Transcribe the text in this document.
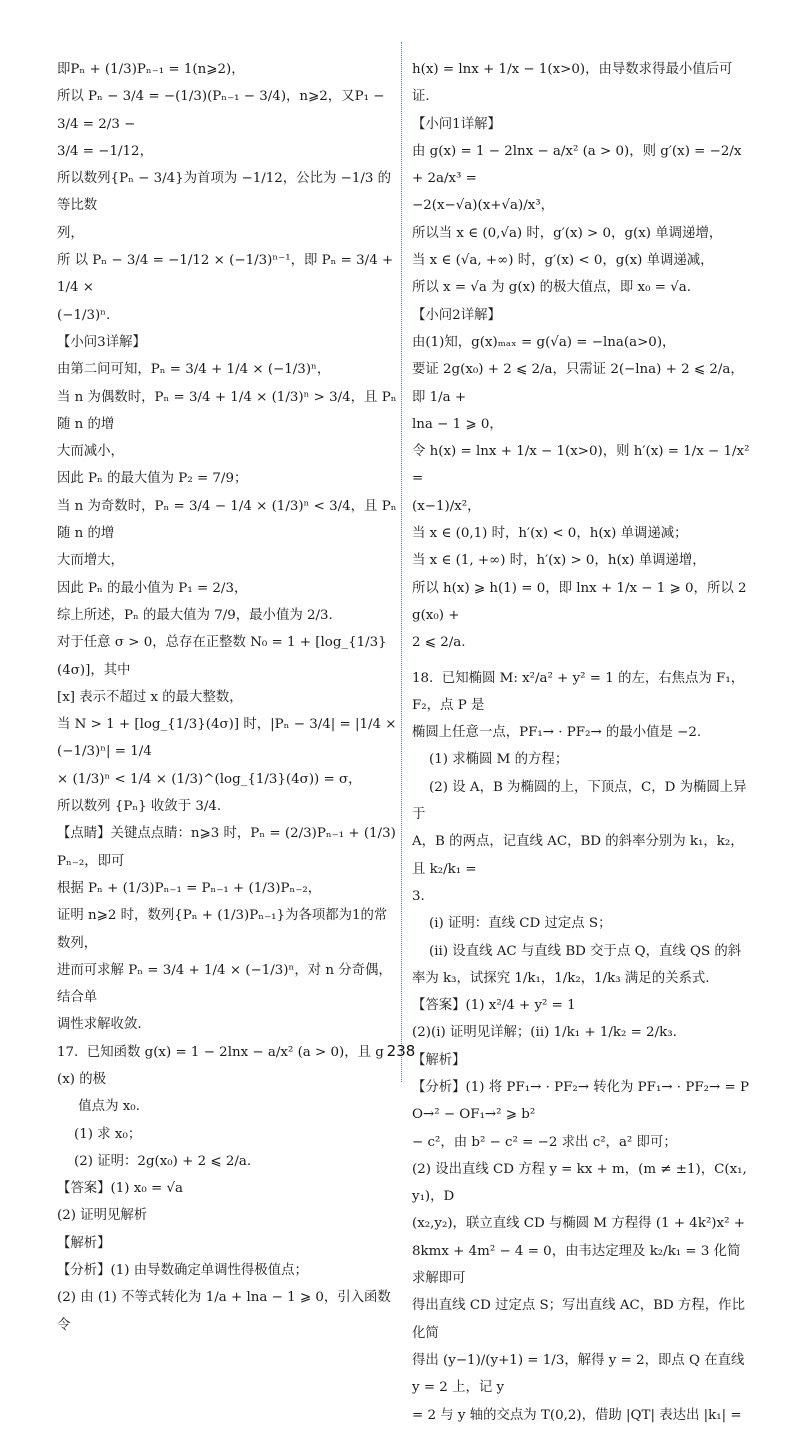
即Pₙ + (1/3)Pₙ₋₁ = 1(n⩾2)，
所以 Pₙ − 3/4 = −(1/3)(Pₙ₋₁ − 3/4)，n⩾2，又P₁ − 3/4 = 2/3 −
3/4 = −1/12，
所以数列{Pₙ − 3/4}为首项为 −1/12，公比为 −1/3 的等比数
列，
所 以 Pₙ − 3/4 = −1/12 × (−1/3)ⁿ⁻¹，即 Pₙ = 3/4 + 1/4 ×
(−1/3)ⁿ.
【小问3详解】
由第二问可知，Pₙ = 3/4 + 1/4 × (−1/3)ⁿ，
当 n 为偶数时，Pₙ = 3/4 + 1/4 × (1/3)ⁿ > 3/4，且 Pₙ 随 n 的增
大而减小，
因此 Pₙ 的最大值为 P₂ = 7/9；
当 n 为奇数时，Pₙ = 3/4 − 1/4 × (1/3)ⁿ < 3/4，且 Pₙ 随 n 的增
大而增大，
因此 Pₙ 的最小值为 P₁ = 2/3，
综上所述，Pₙ 的最大值为 7/9，最小值为 2/3.
对于任意 σ > 0，总存在正整数 N₀ = 1 + [log_{1/3}(4σ)]，其中
[x] 表示不超过 x 的最大整数，
当 N > 1 + [log_{1/3}(4σ)] 时，|Pₙ − 3/4| = |1/4 × (−1/3)ⁿ| = 1/4
× (1/3)ⁿ < 1/4 × (1/3)^(log_{1/3}(4σ)) = σ，
所以数列 {Pₙ} 收敛于 3/4.
【点睛】关键点点睛：n⩾3 时，Pₙ = (2/3)Pₙ₋₁ + (1/3)Pₙ₋₂，即可
根据 Pₙ + (1/3)Pₙ₋₁ = Pₙ₋₁ + (1/3)Pₙ₋₂，
证明 n⩾2 时，数列{Pₙ + (1/3)Pₙ₋₁}为各项都为1的常数列，
进而可求解 Pₙ = 3/4 + 1/4 × (−1/3)ⁿ，对 n 分奇偶，结合单
调性求解收敛.
17.  已知函数 g(x) = 1 − 2lnx − a/x² (a > 0)，且 g(x) 的极
值点为 x₀.
(1) 求 x₀；
(2) 证明：2g(x₀) + 2 ⩽ 2/a.
【答案】(1) x₀ = √a
(2) 证明见解析
【解析】
【分析】(1) 由导数确定单调性得极值点；
(2) 由 (1) 不等式转化为 1/a + lna − 1 ⩾ 0，引入函数令
h(x) = lnx + 1/x − 1(x>0)，由导数求得最小值后可证.
【小问1详解】
由 g(x) = 1 − 2lnx − a/x² (a > 0)，则 g′(x) = −2/x + 2a/x³ =
−2(x−√a)(x+√a)/x³，
所以当 x ∈ (0,√a) 时，g′(x) > 0，g(x) 单调递增，
当 x ∈ (√a, +∞) 时，g′(x) < 0，g(x) 单调递减，
所以 x = √a 为 g(x) 的极大值点，即 x₀ = √a.
【小问2详解】
由(1)知，g(x)ₘₐₓ = g(√a) = −lna(a>0)，
要证 2g(x₀) + 2 ⩽ 2/a，只需证 2(−lna) + 2 ⩽ 2/a，即 1/a +
lna − 1 ⩾ 0，
令 h(x) = lnx + 1/x − 1(x>0)，则 h′(x) = 1/x − 1/x² =
(x−1)/x²，
当 x ∈ (0,1) 时，h′(x) < 0，h(x) 单调递减；
当 x ∈ (1, +∞) 时，h′(x) > 0，h(x) 单调递增，
所以 h(x) ⩾ h(1) = 0，即 lnx + 1/x − 1 ⩾ 0，所以 2g(x₀) +
2 ⩽ 2/a.
18.  已知椭圆 M: x²/a² + y² = 1 的左，右焦点为 F₁，F₂，点 P 是
椭圆上任意一点，PF₁→ · PF₂→ 的最小值是 −2.
(1) 求椭圆 M 的方程；
(2) 设 A，B 为椭圆的上，下顶点，C，D 为椭圆上异于
A，B 的两点，记直线 AC，BD 的斜率分别为 k₁，k₂，且 k₂/k₁ =
3.
(ⅰ) 证明：直线 CD 过定点 S；
(ⅱ) 设直线 AC 与直线 BD 交于点 Q，直线 QS 的斜
率为 k₃，试探究 1/k₁，1/k₂，1/k₃ 满足的关系式.
【答案】(1) x²/4 + y² = 1
(2)(ⅰ) 证明见详解；(ⅱ) 1/k₁ + 1/k₂ = 2/k₃.
【解析】
【分析】(1) 将 PF₁→ · PF₂→ 转化为 PF₁→ · PF₂→ = PO→² − OF₁→² ⩾ b²
− c²，由 b² − c² = −2 求出 c²，a² 即可；
(2) 设出直线 CD 方程 y = kx + m，(m ≠ ±1)，C(x₁,y₁)，D
(x₂,y₂)，联立直线 CD 与椭圆 M 方程得 (1 + 4k²)x² +
8kmx + 4m² − 4 = 0，由韦达定理及 k₂/k₁ = 3 化简求解即可
得出直线 CD 过定点 S；写出直线 AC，BD 方程，作比化简
得出 (y−1)/(y+1) = 1/3，解得 y = 2，即点 Q 在直线 y = 2 上，记 y
= 2 与 y 轴的交点为 T(0,2)，借助 |QT| 表达出 |k₁| =
238
